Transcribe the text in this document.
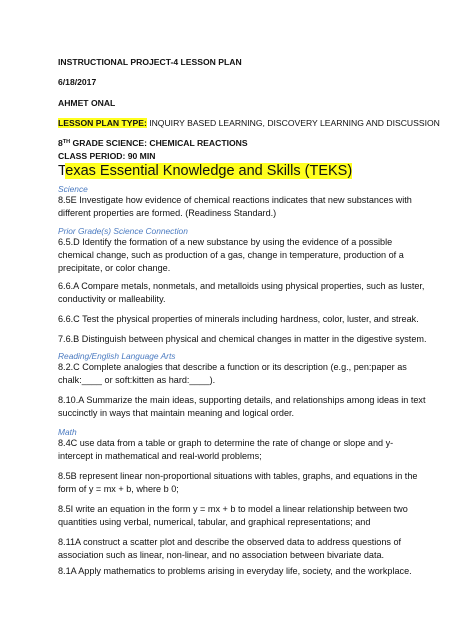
INSTRUCTIONAL PROJECT-4 LESSON PLAN
6/18/2017
AHMET ONAL
LESSON PLAN TYPE: INQUIRY BASED LEARNING, DISCOVERY LEARNING AND DISCUSSION
8TH GRADE SCIENCE: CHEMICAL REACTIONS
CLASS PERIOD: 90 MIN
Texas Essential Knowledge and Skills (TEKS)
Science
8.5E Investigate how evidence of chemical reactions indicates that new substances with different properties are formed. (Readiness Standard.)
Prior Grade(s) Science Connection
6.5.D Identify the formation of a new substance by using the evidence of a possible chemical change, such as production of a gas, change in temperature, production of a precipitate, or color change.
6.6.A Compare metals, nonmetals, and metalloids using physical properties, such as luster, conductivity or malleability.
6.6.C Test the physical properties of minerals including hardness, color, luster, and streak.
7.6.B Distinguish between physical and chemical changes in matter in the digestive system.
Reading/English Language Arts
8.2.C Complete analogies that describe a function or its description (e.g., pen:paper as chalk:____ or soft:kitten as hard:____).
8.10.A Summarize the main ideas, supporting details, and relationships among ideas in text succinctly in ways that maintain meaning and logical order.
Math
8.4C use data from a table or graph to determine the rate of change or slope and y-intercept in mathematical and real-world problems;
8.5B represent linear non-proportional situations with tables, graphs, and equations in the form of y = mx + b, where b 0;
8.5I write an equation in the form y = mx + b to model a linear relationship between two quantities using verbal, numerical, tabular, and graphical representations; and
8.11A construct a scatter plot and describe the observed data to address questions of association such as linear, non-linear, and no association between bivariate data.
8.1A Apply mathematics to problems arising in everyday life, society, and the workplace.
